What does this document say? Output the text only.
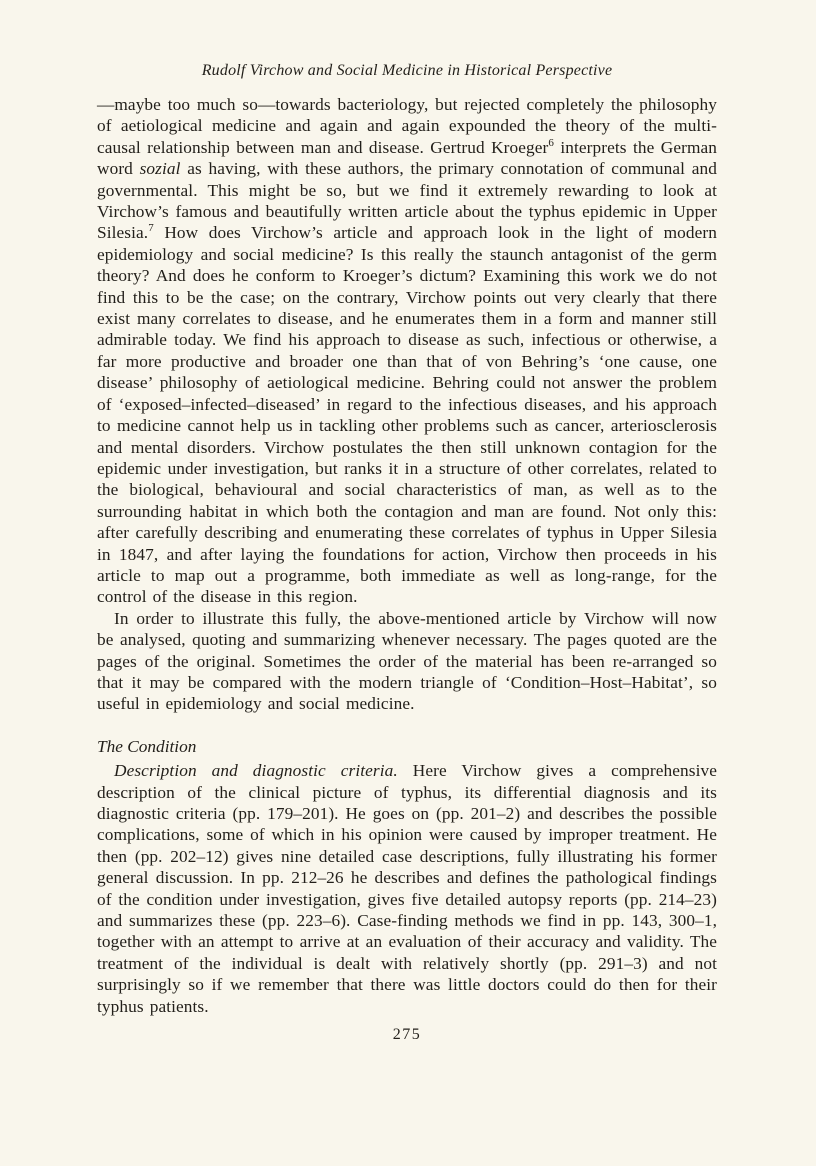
Rudolf Virchow and Social Medicine in Historical Perspective

—maybe too much so—towards bacteriology, but rejected completely the philosophy of aetiological medicine and again and again expounded the theory of the multi-causal relationship between man and disease. Gertrud Kroeger$^6$ interprets the German word sozial as having, with these authors, the primary connotation of communal and governmental. This might be so, but we find it extremely rewarding to look at Virchow’s famous and beautifully written article about the typhus epidemic in Upper Silesia.$^7$ How does Virchow’s article and approach look in the light of modern epidemiology and social medicine? Is this really the staunch antagonist of the germ theory? And does he conform to Kroeger’s dictum? Examining this work we do not find this to be the case; on the contrary, Virchow points out very clearly that there exist many correlates to disease, and he enumerates them in a form and manner still admirable today. We find his approach to disease as such, infectious or otherwise, a far more productive and broader one than that of von Behring’s ‘one cause, one disease’ philosophy of aetiological medicine. Behring could not answer the problem of ‘exposed–infected–diseased’ in regard to the infectious diseases, and his approach to medicine cannot help us in tackling other problems such as cancer, arteriosclerosis and mental disorders. Virchow postulates the then still unknown contagion for the epidemic under investigation, but ranks it in a structure of other correlates, related to the biological, behavioural and social characteristics of man, as well as to the surrounding habitat in which both the contagion and man are found. Not only this: after carefully describing and enumerating these correlates of typhus in Upper Silesia in 1847, and after laying the foundations for action, Virchow then proceeds in his article to map out a programme, both immediate as well as long-range, for the control of the disease in this region.

In order to illustrate this fully, the above-mentioned article by Virchow will now be analysed, quoting and summarizing whenever necessary. The pages quoted are the pages of the original. Sometimes the order of the material has been re-arranged so that it may be compared with the modern triangle of ‘Condition–Host–Habitat’, so useful in epidemiology and social medicine.

The Condition

Description and diagnostic criteria. Here Virchow gives a comprehensive description of the clinical picture of typhus, its differential diagnosis and its diagnostic criteria (pp. 179–201). He goes on (pp. 201–2) and describes the possible complications, some of which in his opinion were caused by improper treatment. He then (pp. 202–12) gives nine detailed case descriptions, fully illustrating his former general discussion. In pp. 212–26 he describes and defines the pathological findings of the condition under investigation, gives five detailed autopsy reports (pp. 214–23) and summarizes these (pp. 223–6). Case-finding methods we find in pp. 143, 300–1, together with an attempt to arrive at an evaluation of their accuracy and validity. The treatment of the individual is dealt with relatively shortly (pp. 291–3) and not surprisingly so if we remember that there was little doctors could do then for their typhus patients.

275
